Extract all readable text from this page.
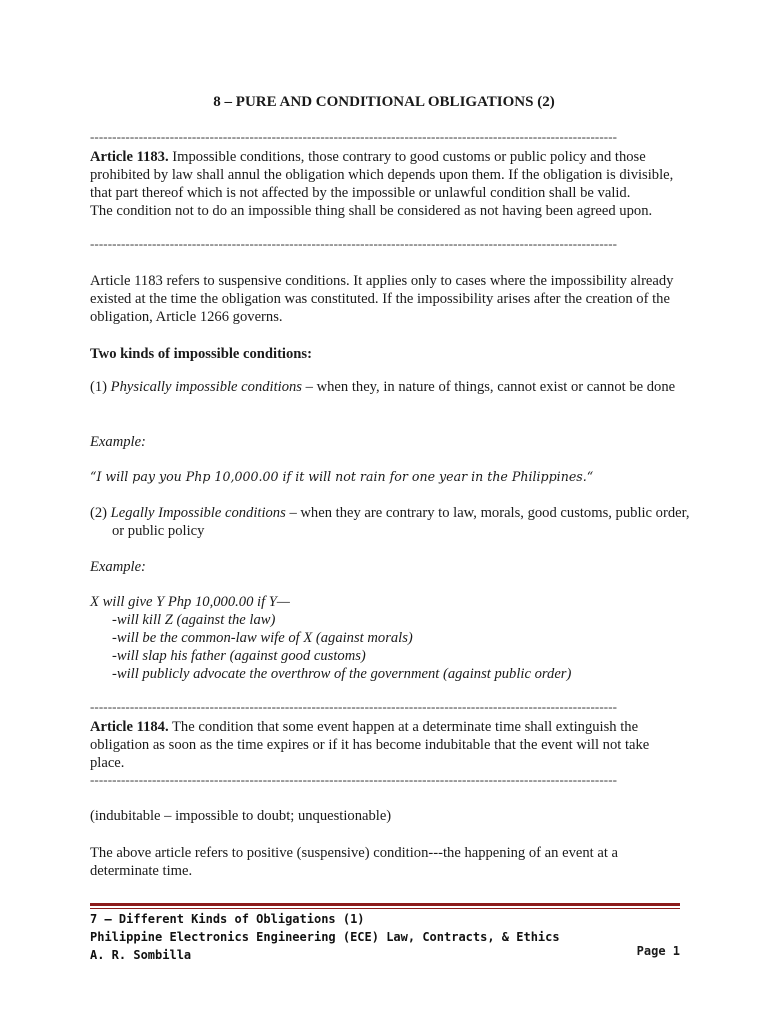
8 – PURE AND CONDITIONAL OBLIGATIONS (2)
-----------------------------------------------------------------------------------------------------------------------
Article 1183. Impossible conditions, those contrary to good customs or public policy and those prohibited by law shall annul the obligation which depends upon them. If the obligation is divisible, that part thereof which is not affected by the impossible or unlawful condition shall be valid.
The condition not to do an impossible thing shall be considered as not having been agreed upon.
-----------------------------------------------------------------------------------------------------------------------
Article 1183 refers to suspensive conditions. It applies only to cases where the impossibility already existed at the time the obligation was constituted. If the impossibility arises after the creation of the obligation, Article 1266 governs.
Two kinds of impossible conditions:
(1) Physically impossible conditions – when they, in nature of things, cannot exist or cannot be done
Example:
“I will pay you Php 10,000.00 if it will not rain for one year in the Philippines.“
(2) Legally Impossible conditions – when they are contrary to law, morals, good customs, public order, or public policy
Example:
X will give Y Php 10,000.00 if Y—
-will kill Z (against the law)
-will be the common-law wife of X (against morals)
-will slap his father (against good customs)
-will publicly advocate the overthrow of the government (against public order)
-----------------------------------------------------------------------------------------------------------------------
Article 1184. The condition that some event happen at a determinate time shall extinguish the obligation as soon as the time expires or if it has become indubitable that the event will not take place.
-----------------------------------------------------------------------------------------------------------------------
(indubitable – impossible to doubt; unquestionable)
The above article refers to positive (suspensive) condition---the happening of an event at a determinate time.
7 – Different Kinds of Obligations (1)
Philippine Electronics Engineering (ECE) Law, Contracts, & Ethics
A. R. Sombilla	Page 1
